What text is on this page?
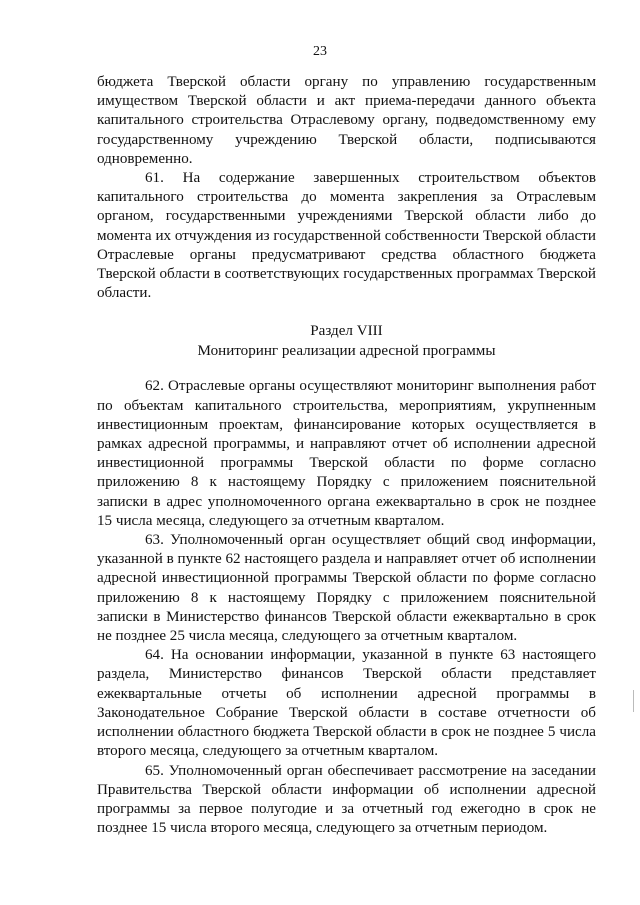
23

бюджета Тверской области органу по управлению государственным имуществом Тверской области и акт приема-передачи данного объекта капитального строительства Отраслевому органу, подведомственному ему государственному учреждению Тверской области, подписываются одновременно.

61. На содержание завершенных строительством объектов капитального строительства до момента закрепления за Отраслевым органом, государственными учреждениями Тверской области либо до момента их отчуждения из государственной собственности Тверской области Отраслевые органы предусматривают средства областного бюджета Тверской области в соответствующих государственных программах Тверской области.

Раздел VIII
Мониторинг реализации адресной программы

62. Отраслевые органы осуществляют мониторинг выполнения работ по объектам капитального строительства, мероприятиям, укрупненным инвестиционным проектам, финансирование которых осуществляется в рамках адресной программы, и направляют отчет об исполнении адресной инвестиционной программы Тверской области по форме согласно приложению 8 к настоящему Порядку с приложением пояснительной записки в адрес уполномоченного органа ежеквартально в срок не позднее 15 числа месяца, следующего за отчетным кварталом.

63. Уполномоченный орган осуществляет общий свод информации, указанной в пункте 62 настоящего раздела и направляет отчет об исполнении адресной инвестиционной программы Тверской области по форме согласно приложению 8 к настоящему Порядку с приложением пояснительной записки в Министерство финансов Тверской области ежеквартально в срок не позднее 25 числа месяца, следующего за отчетным кварталом.

64. На основании информации, указанной в пункте 63 настоящего раздела, Министерство финансов Тверской области представляет ежеквартальные отчеты об исполнении адресной программы в Законодательное Собрание Тверской области в составе отчетности об исполнении областного бюджета Тверской области в срок не позднее 5 числа второго месяца, следующего за отчетным кварталом.

65. Уполномоченный орган обеспечивает рассмотрение на заседании Правительства Тверской области информации об исполнении адресной программы за первое полугодие и за отчетный год ежегодно в срок не позднее 15 числа второго месяца, следующего за отчетным периодом.
